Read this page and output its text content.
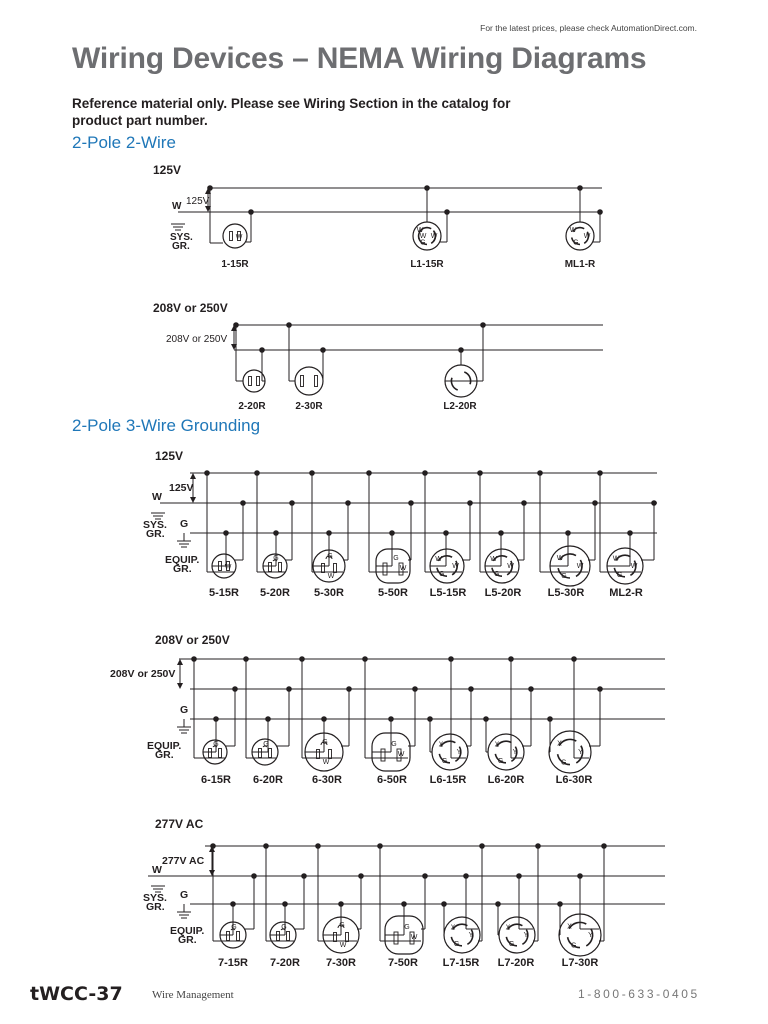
For the latest prices, please check AutomationDirect.com.
Wiring Devices – NEMA Wiring Diagrams
Reference material only. Please see Wiring Section in the catalog for
product part number.
2-Pole 2-Wire
2-Pole 3-Wire Grounding
125V
125V
W
SYS.
GR.
W
1-15R
W
G
W
W
L1-15R
W
G
W
ML1-R
208V or 250V
208V or 250V
2-20R	2-30R	L2-20R
125V
125V
W
SYS.
GR.
G
EQUIP.
GR.	W
5-15R
G
5-20R
G
W
5-30R
G
W
5-50R
W
G
W
L5-15R
W
G
W
L5-20R
W
G
W
L5-30R
W
G
W
ML2-R
208V or 250V
208V or 250V
G
EQUIP.
GR.
G
6-15R
G
6-20R
G
W
6-30R
G
W
6-50R
X
G
Y
L6-15R
X
G
Y
L6-20R
X
G
Y
L6-30R
277V AC
277V AC
W
SYS.
GR.
G
EQUIP.
GR.
G
7-15R
G
7-20R
G
W
7-30R
G
W
7-50R
X
G
Y
L7-15R
X
G
Y
L7-20R
X
G
Y
L7-30R
tWCC-37	Wire Management	1-800-633-0405
